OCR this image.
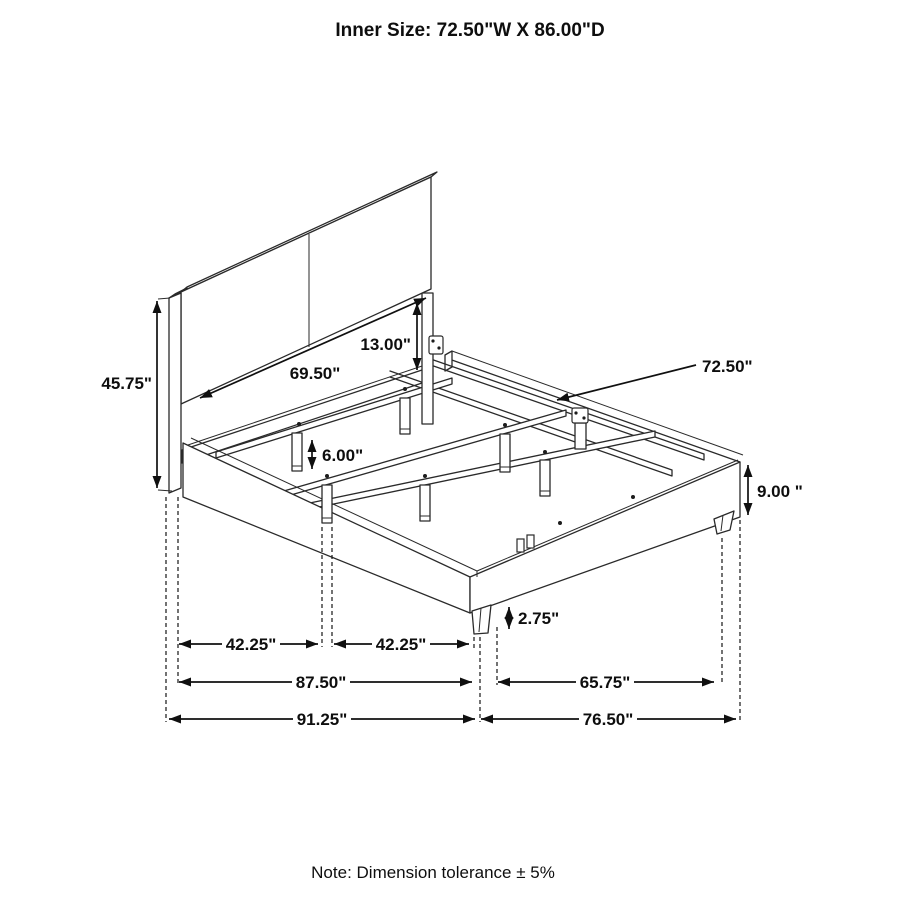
Inner Size: 72.50"W X 86.00"D
45.75"
13.00"
69.50"	72.50"
6.00"
9.00 "
2.75"
42.25"	42.25"
87.50"	65.75"
91.25"	76.50"
Note: Dimension tolerance ± 5%
